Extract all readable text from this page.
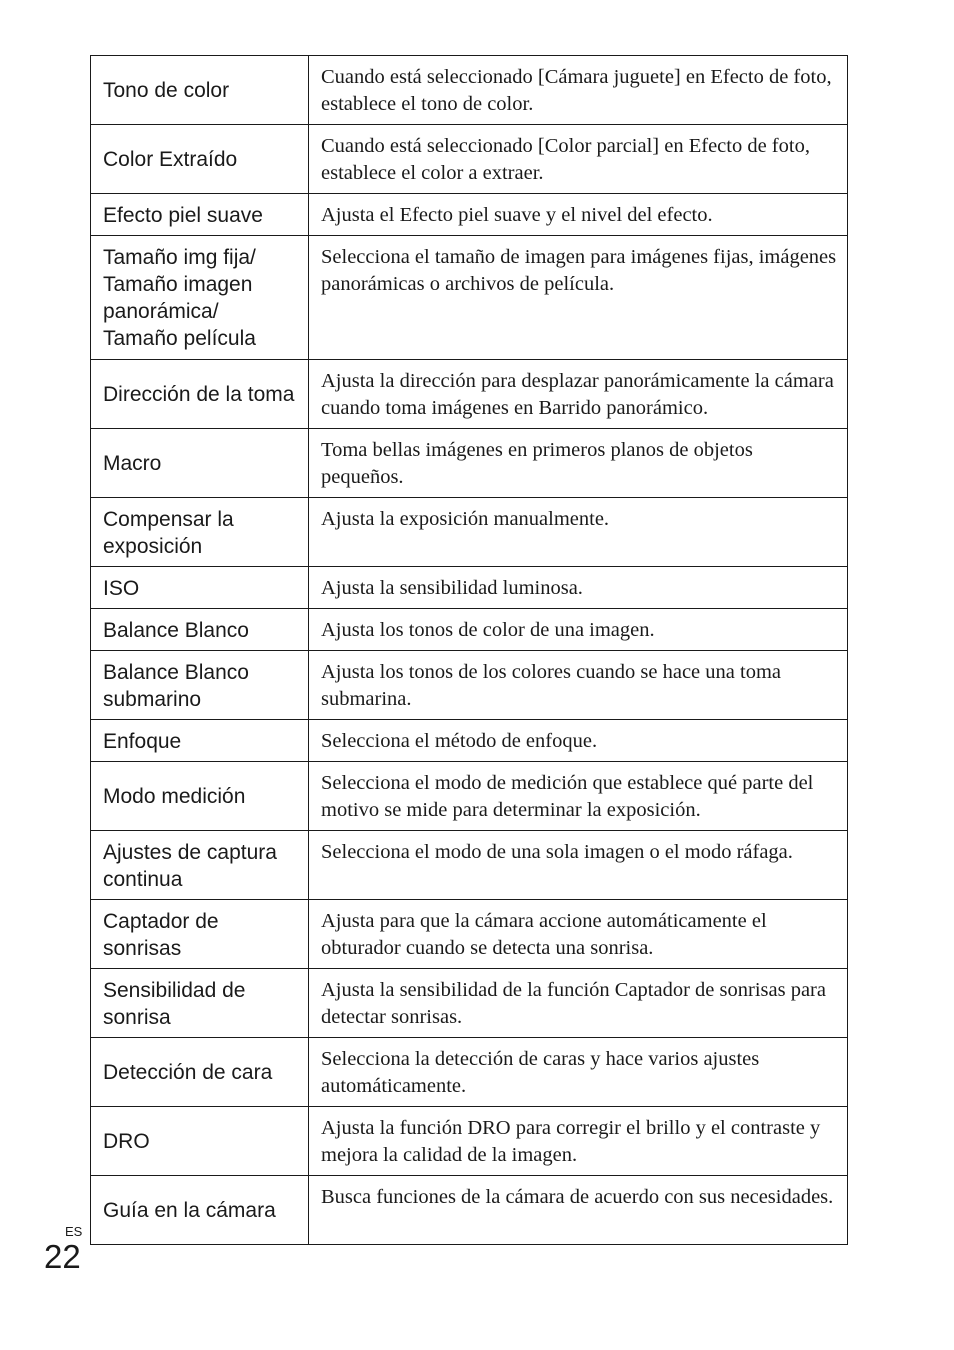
Tono de color	Cuando está seleccionado [Cámara juguete] en Efecto de foto, establece el tono de color.
Color Extraído	Cuando está seleccionado [Color parcial] en Efecto de foto, establece el color a extraer.
Efecto piel suave	Ajusta el Efecto piel suave y el nivel del efecto.
Tamaño img fija/ Tamaño imagen panorámica/ Tamaño película	Selecciona el tamaño de imagen para imágenes fijas, imágenes panorámicas o archivos de película.
Dirección de la toma	Ajusta la dirección para desplazar panorámicamente la cámara cuando toma imágenes en Barrido panorámico.
Macro	Toma bellas imágenes en primeros planos de objetos pequeños.
Compensar la exposición	Ajusta la exposición manualmente.
ISO	Ajusta la sensibilidad luminosa.
Balance Blanco	Ajusta los tonos de color de una imagen.
Balance Blanco submarino	Ajusta los tonos de los colores cuando se hace una toma submarina.
Enfoque	Selecciona el método de enfoque.
Modo medición	Selecciona el modo de medición que establece qué parte del motivo se mide para determinar la exposición.
Ajustes de captura continua	Selecciona el modo de una sola imagen o el modo ráfaga.
Captador de sonrisas	Ajusta para que la cámara accione automáticamente el obturador cuando se detecta una sonrisa.
Sensibilidad de sonrisa	Ajusta la sensibilidad de la función Captador de sonrisas para detectar sonrisas.
Detección de cara	Selecciona la detección de caras y hace varios ajustes automáticamente.
DRO	Ajusta la función DRO para corregir el brillo y el contraste y mejora la calidad de la imagen.
Guía en la cámara	Busca funciones de la cámara de acuerdo con sus necesidades.
ES
22
